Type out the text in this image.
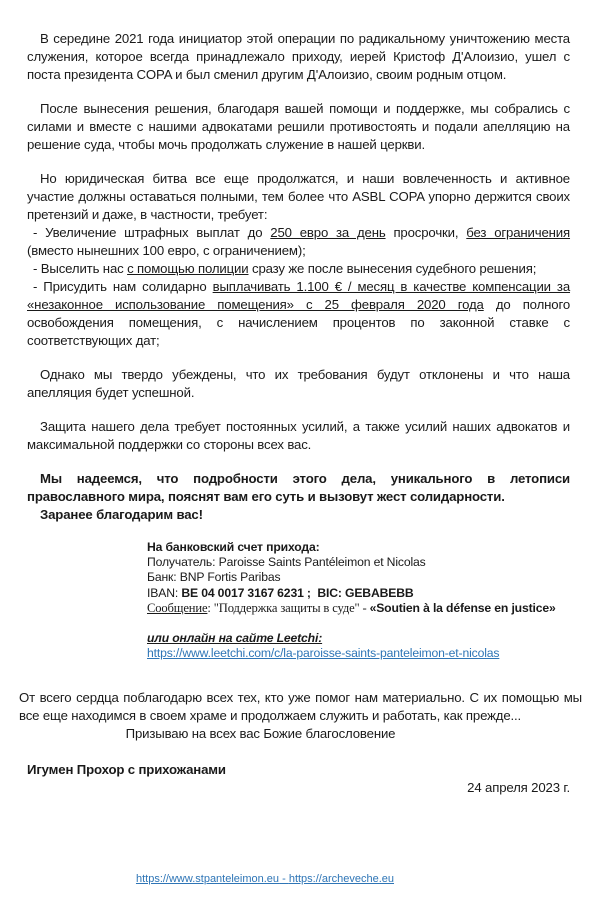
В середине 2021 года инициатор этой операции по радикальному уничтожению места служения, которое всегда принадлежало приходу, иерей Кристоф Д'Алоизио, ушел с поста президента COPA и был сменил другим Д'Алоизио, своим родным отцом.

После вынесения решения, благодаря вашей помощи и поддержке, мы собрались с силами и вместе с нашими адвокатами решили противостоять и подали апелляцию на решение суда, чтобы мочь продолжать служение в нашей церкви.

Но юридическая битва все еще продолжатся, и наши вовлеченность и активное участие должны оставаться полными, тем более что ASBL COPA упорно держится своих претензий и даже, в частности, требует:

- Увеличение штрафных выплат до 250 евро за день просрочки, без ограничения (вместо нынешних 100 евро, с ограничением);

- Выселить нас с помощью полиции сразу же после вынесения судебного решения;

- Присудить нам солидарно выплачивать 1.100 € / месяц в качестве компенсации за «незаконное использование помещения» с 25 февраля 2020 года до полного освобождения помещения, с начислением процентов по законной ставке с соответствующих дат;

Однако мы твердо убеждены, что их требования будут отклонены и что наша апелляция будет успешной.

Защита нашего дела требует постоянных усилий, а также усилий наших адвокатов и максимальной поддержки со стороны всех вас.

Мы надеемся, что подробности этого дела, уникального в летописи православного мира, пояснят вам его суть и вызовут жест солидарности.

Заранее благодарим вас!

На банковский счет прихода:
Получатель: Paroisse Saints Pantéleimon et Nicolas
Банк: BNP Fortis Paribas
IBAN: BE 04 0017 3167 6231 ;  BIC: GEBABEBB
Сообщение: "Поддержка защиты в суде" - «Soutien à la défense en justice»
или онлайн на сайте Leetchi:
https://www.leetchi.com/c/la-paroisse-saints-panteleimon-et-nicolas

От всего сердца поблагодарю всех тех, кто уже помог нам материально. С их помощью мы все еще находимся в своем храме и продолжаем служить и работать, как прежде...

Призываю на всех вас Божие благословение
Игумен Прохор с прихожанами
24 апреля 2023 г.
https://www.stpanteleimon.eu - https://archeveche.eu
